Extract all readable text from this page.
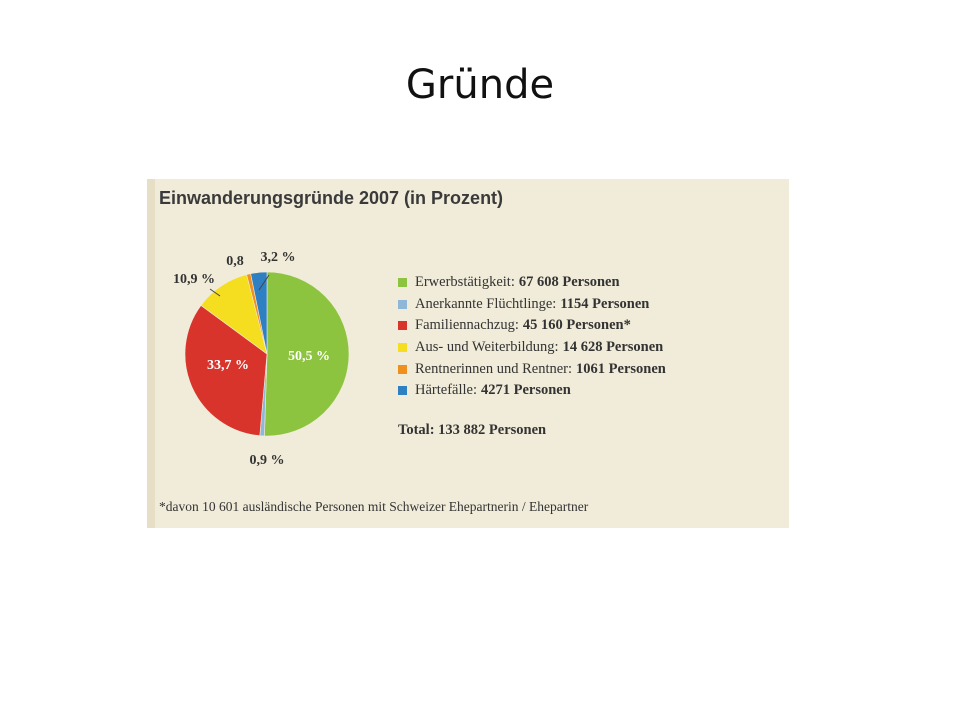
Gründe
Einwanderungsgründe 2007 (in Prozent)
50,5 %
0,9 %
33,7 %
10,9 %
0,8 3,2 %
Erwerbstätigkeit: 67 608 Personen
Anerkannte Flüchtlinge: 1154 Personen
Familiennachzug: 45 160 Personen*
Aus- und Weiterbildung: 14 628 Personen
Rentnerinnen und Rentner: 1061 Personen
Härtefälle: 4271 Personen
Total: 133 882 Personen
*davon 10 601 ausländische Personen mit Schweizer Ehepartnerin / Ehepartner
